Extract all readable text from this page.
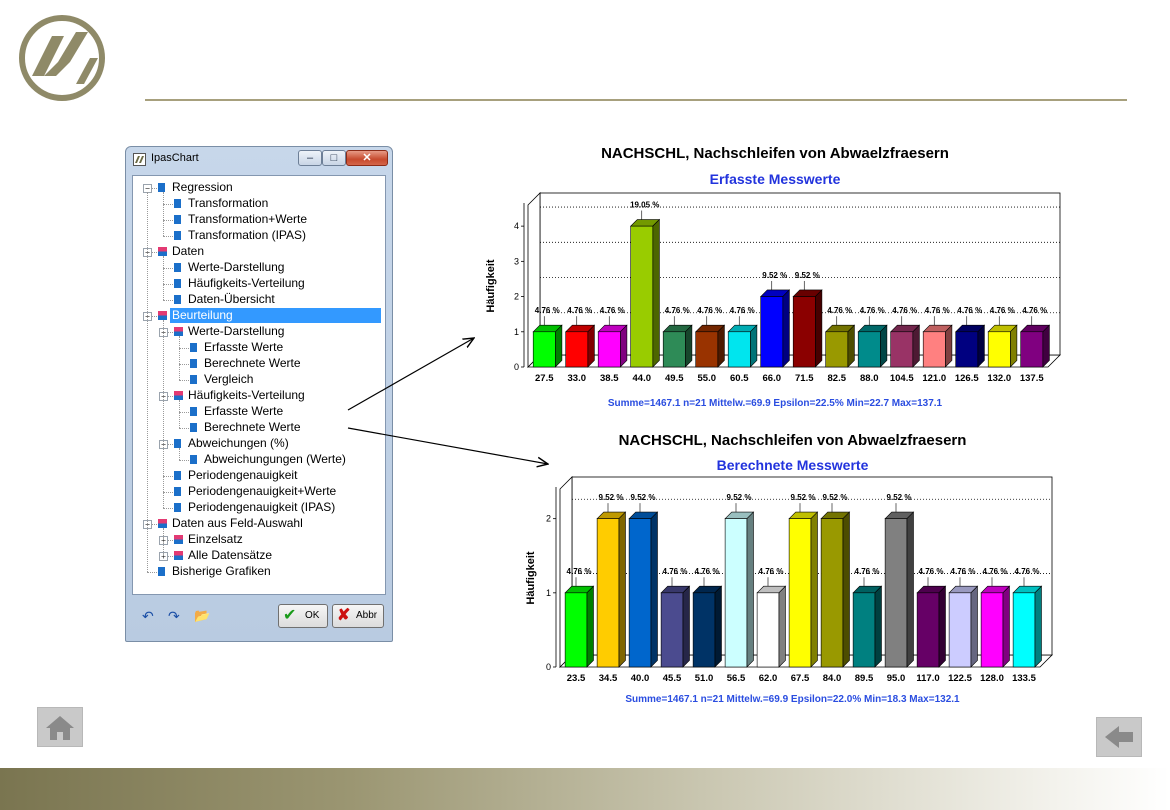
IpasChart	–	□	✕
− Regression
Transformation
Transformation+Werte
Transformation (IPAS)
− Daten
Werte-Darstellung
Häufigkeits-Verteilung
Daten-Übersicht
− Beurteilung
− Werte-Darstellung
Erfasste Werte
Berechnete Werte
Vergleich
− Häufigkeits-Verteilung
Erfasste Werte
Berechnete Werte
− Abweichungen (%)
Abweichungungen (Werte)
Periodengenauigkeit
Periodengenauigkeit+Werte
Periodengenauigkeit (IPAS)
− Daten aus Feld-Auswahl
+ Einzelsatz
+ Alle Datensätze
Bisherige Grafiken
↶ ↷ 📂	✔ OK ✘ Abbr
NACHSCHL, Nachschleifen von Abwaelzfraesern
Erfasste Messwerte
0
1
2
3
4
Häufigkeit	4.76 %
27.5
4.76 %
33.0
4.76 %
38.5
19.05 %
44.0
4.76 %
49.5
4.76 %
55.0
4.76 %
60.5
9.52 %
66.0
9.52 %
71.5
4.76 %
82.5
4.76 %
88.0
4.76 %
104.5
4.76 %
121.0
4.76 %
126.5
4.76 %
132.0
4.76 %
137.5
Summe=1467.1 n=21 Mittelw.=69.9 Epsilon=22.5% Min=22.7 Max=137.1
NACHSCHL, Nachschleifen von Abwaelzfraesern
Berechnete Messwerte
0
1
2
Häufigkeit	4.76 %
23.5
9.52 %
34.5
9.52 %
40.0
4.76 %
45.5
4.76 %
51.0
9.52 %
56.5
4.76 %
62.0
9.52 %
67.5
9.52 %
84.0
4.76 %
89.5
9.52 %
95.0
4.76 %
117.0
4.76 %
122.5
4.76 %
128.0
4.76 %
133.5
Summe=1467.1 n=21 Mittelw.=69.9 Epsilon=22.0% Min=18.3 Max=132.1
